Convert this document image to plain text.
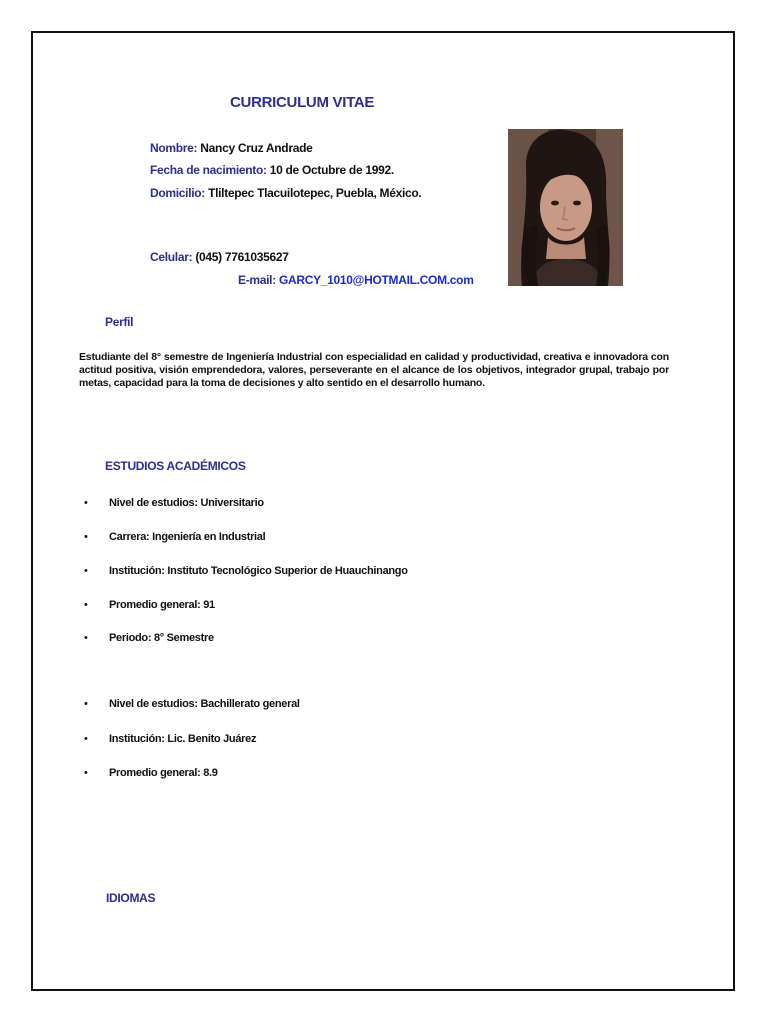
CURRICULUM VITAE
Nombre: Nancy Cruz Andrade
Fecha de nacimiento: 10 de Octubre de 1992.
Domicilio: Tliltepec Tlacuilotepec, Puebla, México.
Celular: (045) 7761035627
E-mail: GARCY_1010@HOTMAIL.COM.com
Perfil
Estudiante del 8° semestre de Ingeniería Industrial con especialidad en calidad y productividad, creativa e innovadora con actitud positiva, visión emprendedora, valores, perseverante en el alcance de los objetivos, integrador grupal, trabajo por metas, capacidad para la toma de decisiones y alto sentido en el desarrollo humano.
ESTUDIOS ACADÉMICOS
• Nivel de estudios: Universitario
• Carrera: Ingeniería en Industrial
• Institución: Instituto Tecnológico Superior de Huauchinango
• Promedio general: 91
• Periodo: 8° Semestre
• Nivel de estudios: Bachillerato general
• Institución: Lic. Benito Juárez
• Promedio general: 8.9
IDIOMAS
